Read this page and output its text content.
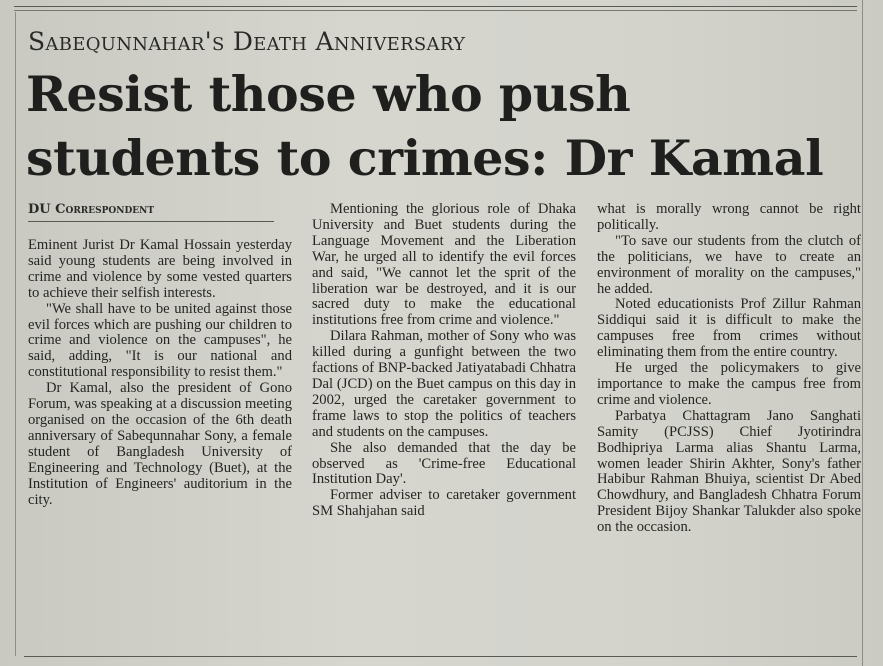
Sabequnnahar's Death Anniversary
Resist those who push students to crimes: Dr Kamal
DU Correspondent

Eminent Jurist Dr Kamal Hossain yesterday said young students are being involved in crime and violence by some vested quarters to achieve their selfish interests.

"We shall have to be united against those evil forces which are pushing our children to crime and violence on the campuses", he said, adding, "It is our national and constitutional responsibility to resist them."

Dr Kamal, also the president of Gono Forum, was speaking at a discussion meeting organised on the occasion of the 6th death anniversary of Sabequnnahar Sony, a female student of Bangladesh University of Engineering and Technology (Buet), at the Institution of Engineers' auditorium in the city.

Mentioning the glorious role of Dhaka University and Buet students during the Language Movement and the Liberation War, he urged all to identify the evil forces and said, "We cannot let the sprit of the liberation war be destroyed, and it is our sacred duty to make the educational institutions free from crime and violence."

Dilara Rahman, mother of Sony who was killed during a gunfight between the two factions of BNP-backed Jatiyatabadi Chhatra Dal (JCD) on the Buet campus on this day in 2002, urged the caretaker government to frame laws to stop the politics of teachers and students on the campuses.

She also demanded that the day be observed as 'Crime-free Educational Institution Day'.

Former adviser to caretaker government SM Shahjahan said

what is morally wrong cannot be right politically.

"To save our students from the clutch of the politicians, we have to create an environment of morality on the campuses," he added.

Noted educationists Prof Zillur Rahman Siddiqui said it is difficult to make the campuses free from crimes without eliminating them from the entire country.

He urged the policymakers to give importance to make the campus free from crime and violence.

Parbatya Chattagram Jano Sanghati Samity (PCJSS) Chief Jyotirindra Bodhipriya Larma alias Shantu Larma, women leader Shirin Akhter, Sony's father Habibur Rahman Bhuiya, scientist Dr Abed Chowdhury, and Bangladesh Chhatra Forum President Bijoy Shankar Talukder also spoke on the occasion.
